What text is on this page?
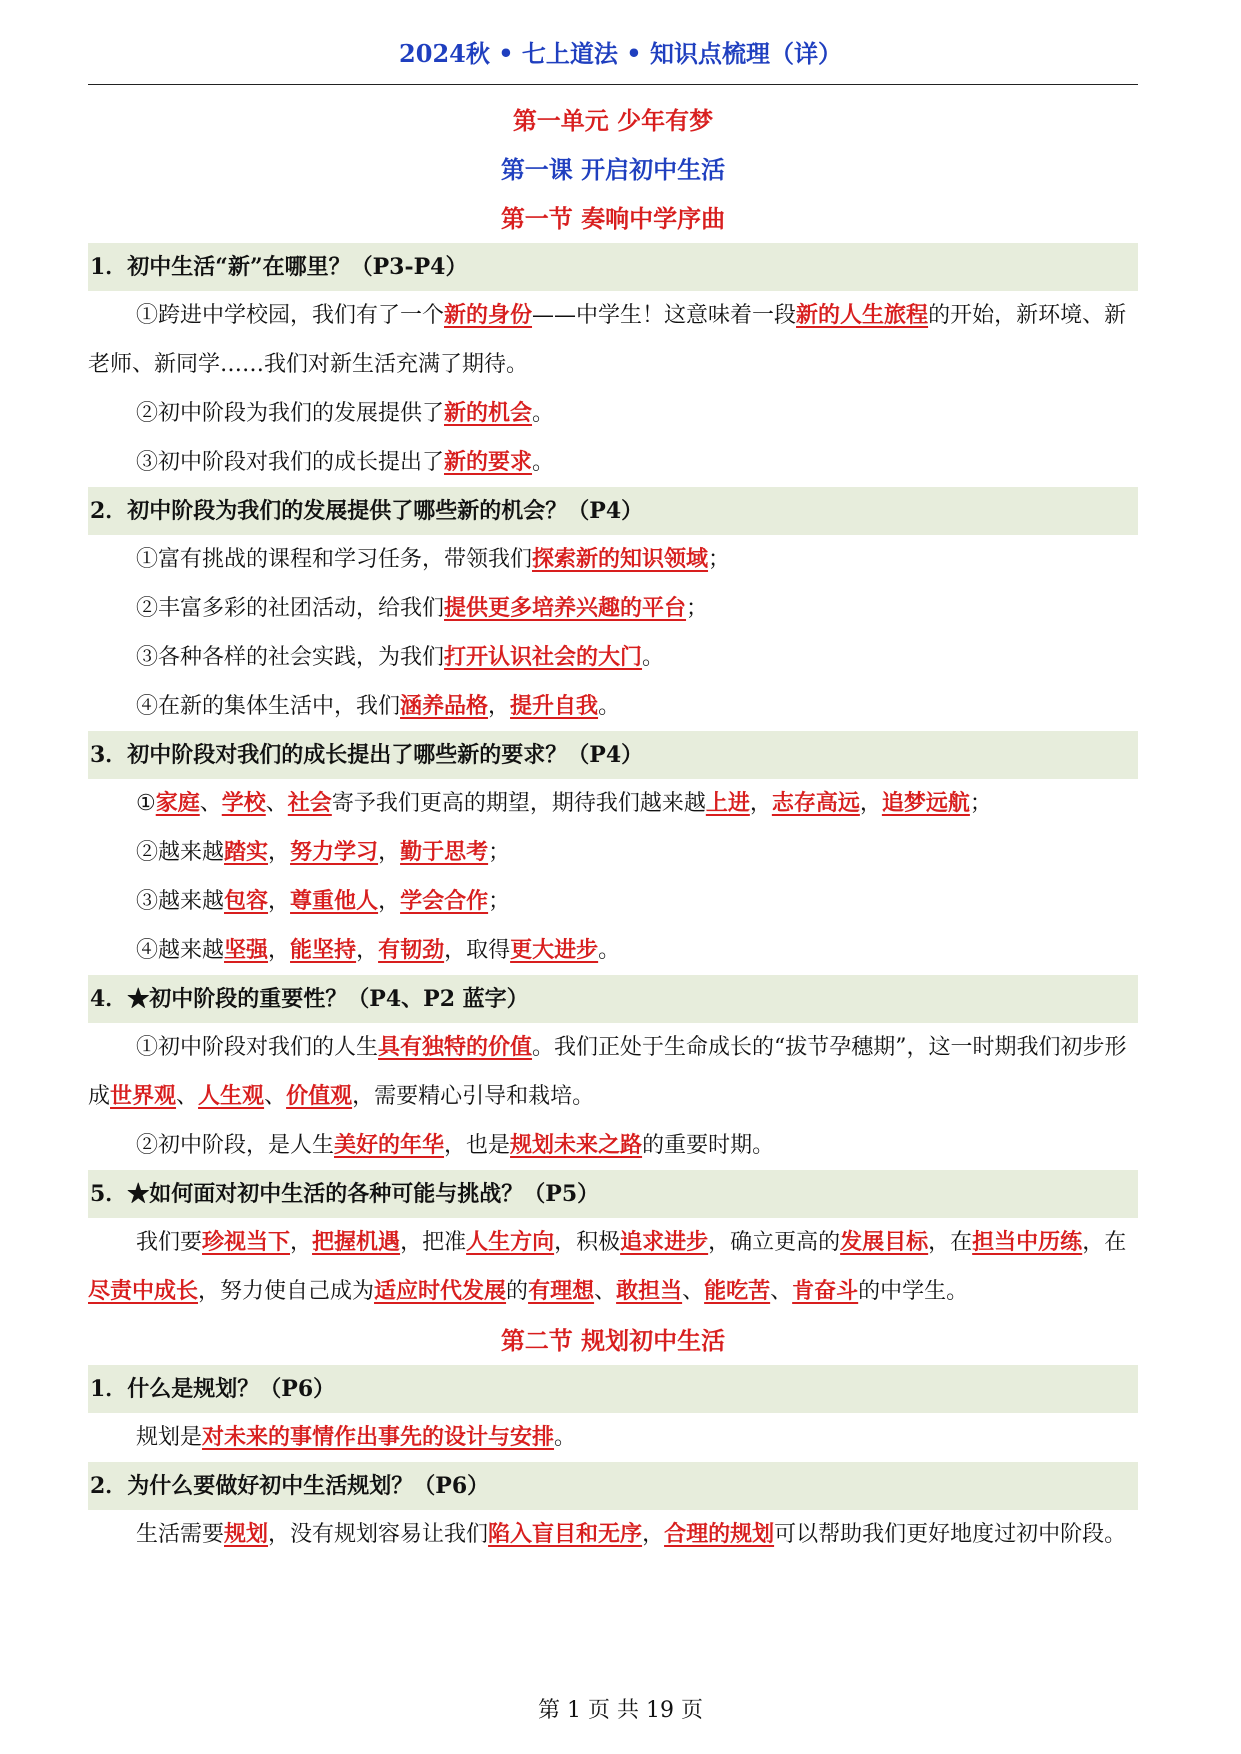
2024秋 • 七上道法 • 知识点梳理（详）
第一单元 少年有梦
第一课 开启初中生活
第一节 奏响中学序曲
1．初中生活“新”在哪里？（P3-P4）
①跨进中学校园，我们有了一个新的身份——中学生！这意味着一段新的人生旅程的开始，新环境、新老师、新同学……我们对新生活充满了期待。
②初中阶段为我们的发展提供了新的机会。
③初中阶段对我们的成长提出了新的要求。
2．初中阶段为我们的发展提供了哪些新的机会？（P4）
①富有挑战的课程和学习任务，带领我们探索新的知识领域；
②丰富多彩的社团活动，给我们提供更多培养兴趣的平台；
③各种各样的社会实践，为我们打开认识社会的大门。
④在新的集体生活中，我们涵养品格，提升自我。
3．初中阶段对我们的成长提出了哪些新的要求？（P4）
①家庭、学校、社会寄予我们更高的期望，期待我们越来越上进，志存高远，追梦远航；
②越来越踏实，努力学习，勤于思考；
③越来越包容，尊重他人，学会合作；
④越来越坚强，能坚持，有韧劲，取得更大进步。
4．★初中阶段的重要性？（P4、P2 蓝字）
①初中阶段对我们的人生具有独特的价值。我们正处于生命成长的“拔节孕穗期”，这一时期我们初步形成世界观、人生观、价值观，需要精心引导和栽培。
②初中阶段，是人生美好的年华，也是规划未来之路的重要时期。
5．★如何面对初中生活的各种可能与挑战？（P5）
我们要珍视当下，把握机遇，把准人生方向，积极追求进步，确立更高的发展目标，在担当中历练，在尽责中成长，努力使自己成为适应时代发展的有理想、敢担当、能吃苦、肯奋斗的中学生。
第二节 规划初中生活
1．什么是规划？（P6）
规划是对未来的事情作出事先的设计与安排。
2．为什么要做好初中生活规划？（P6）
生活需要规划，没有规划容易让我们陷入盲目和无序，合理的规划可以帮助我们更好地度过初中阶段。
第 1 页 共 19 页
